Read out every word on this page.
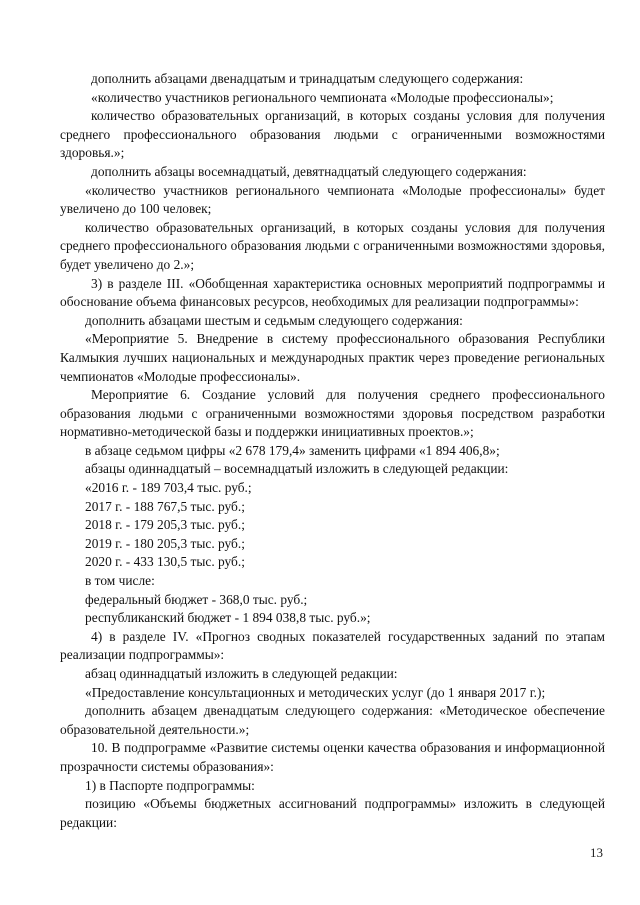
дополнить абзацами двенадцатым и тринадцатым следующего содержания:

«количество участников регионального чемпионата «Молодые профессионалы»;

количество образовательных организаций, в которых созданы условия для получения среднего профессионального образования людьми с ограниченными возможностями здоровья.»;

дополнить абзацы восемнадцатый, девятнадцатый следующего содержания:

«количество участников регионального чемпионата «Молодые профессионалы» будет увеличено до 100 человек;

количество образовательных организаций, в которых созданы условия для получения среднего профессионального образования людьми с ограниченными возможностями здоровья, будет увеличено до 2.»;

3) в разделе III. «Обобщенная характеристика основных мероприятий подпрограммы и обоснование объема финансовых ресурсов, необходимых для реализации подпрограммы»:

дополнить абзацами шестым и седьмым следующего содержания:

«Мероприятие 5. Внедрение в систему профессионального образования Республики Калмыкия лучших национальных и международных практик через проведение региональных чемпионатов «Молодые профессионалы».

Мероприятие 6. Создание условий для получения среднего профессионального образования людьми с ограниченными возможностями здоровья посредством разработки нормативно-методической базы и поддержки инициативных проектов.»;

в абзаце седьмом цифры «2 678 179,4» заменить цифрами «1 894 406,8»;

абзацы одиннадцатый – восемнадцатый изложить в следующей редакции:

«2016 г. - 189 703,4 тыс. руб.;

2017 г. - 188 767,5 тыс. руб.;

2018 г. - 179 205,3 тыс. руб.;

2019 г. - 180 205,3 тыс. руб.;

2020 г. - 433 130,5 тыс. руб.;

в том числе:

федеральный бюджет - 368,0 тыс. руб.;

республиканский бюджет - 1 894 038,8 тыс. руб.»;

4) в разделе IV. «Прогноз сводных показателей государственных заданий по этапам реализации подпрограммы»:

абзац одиннадцатый изложить в следующей редакции:

«Предоставление консультационных и методических услуг (до 1 января 2017 г.);

дополнить абзацем двенадцатым следующего содержания: «Методическое обеспечение образовательной деятельности.»;

10. В подпрограмме «Развитие системы оценки качества образования и информационной прозрачности системы образования»:

1) в Паспорте подпрограммы:

позицию «Объемы бюджетных ассигнований подпрограммы» изложить в следующей редакции:

13
